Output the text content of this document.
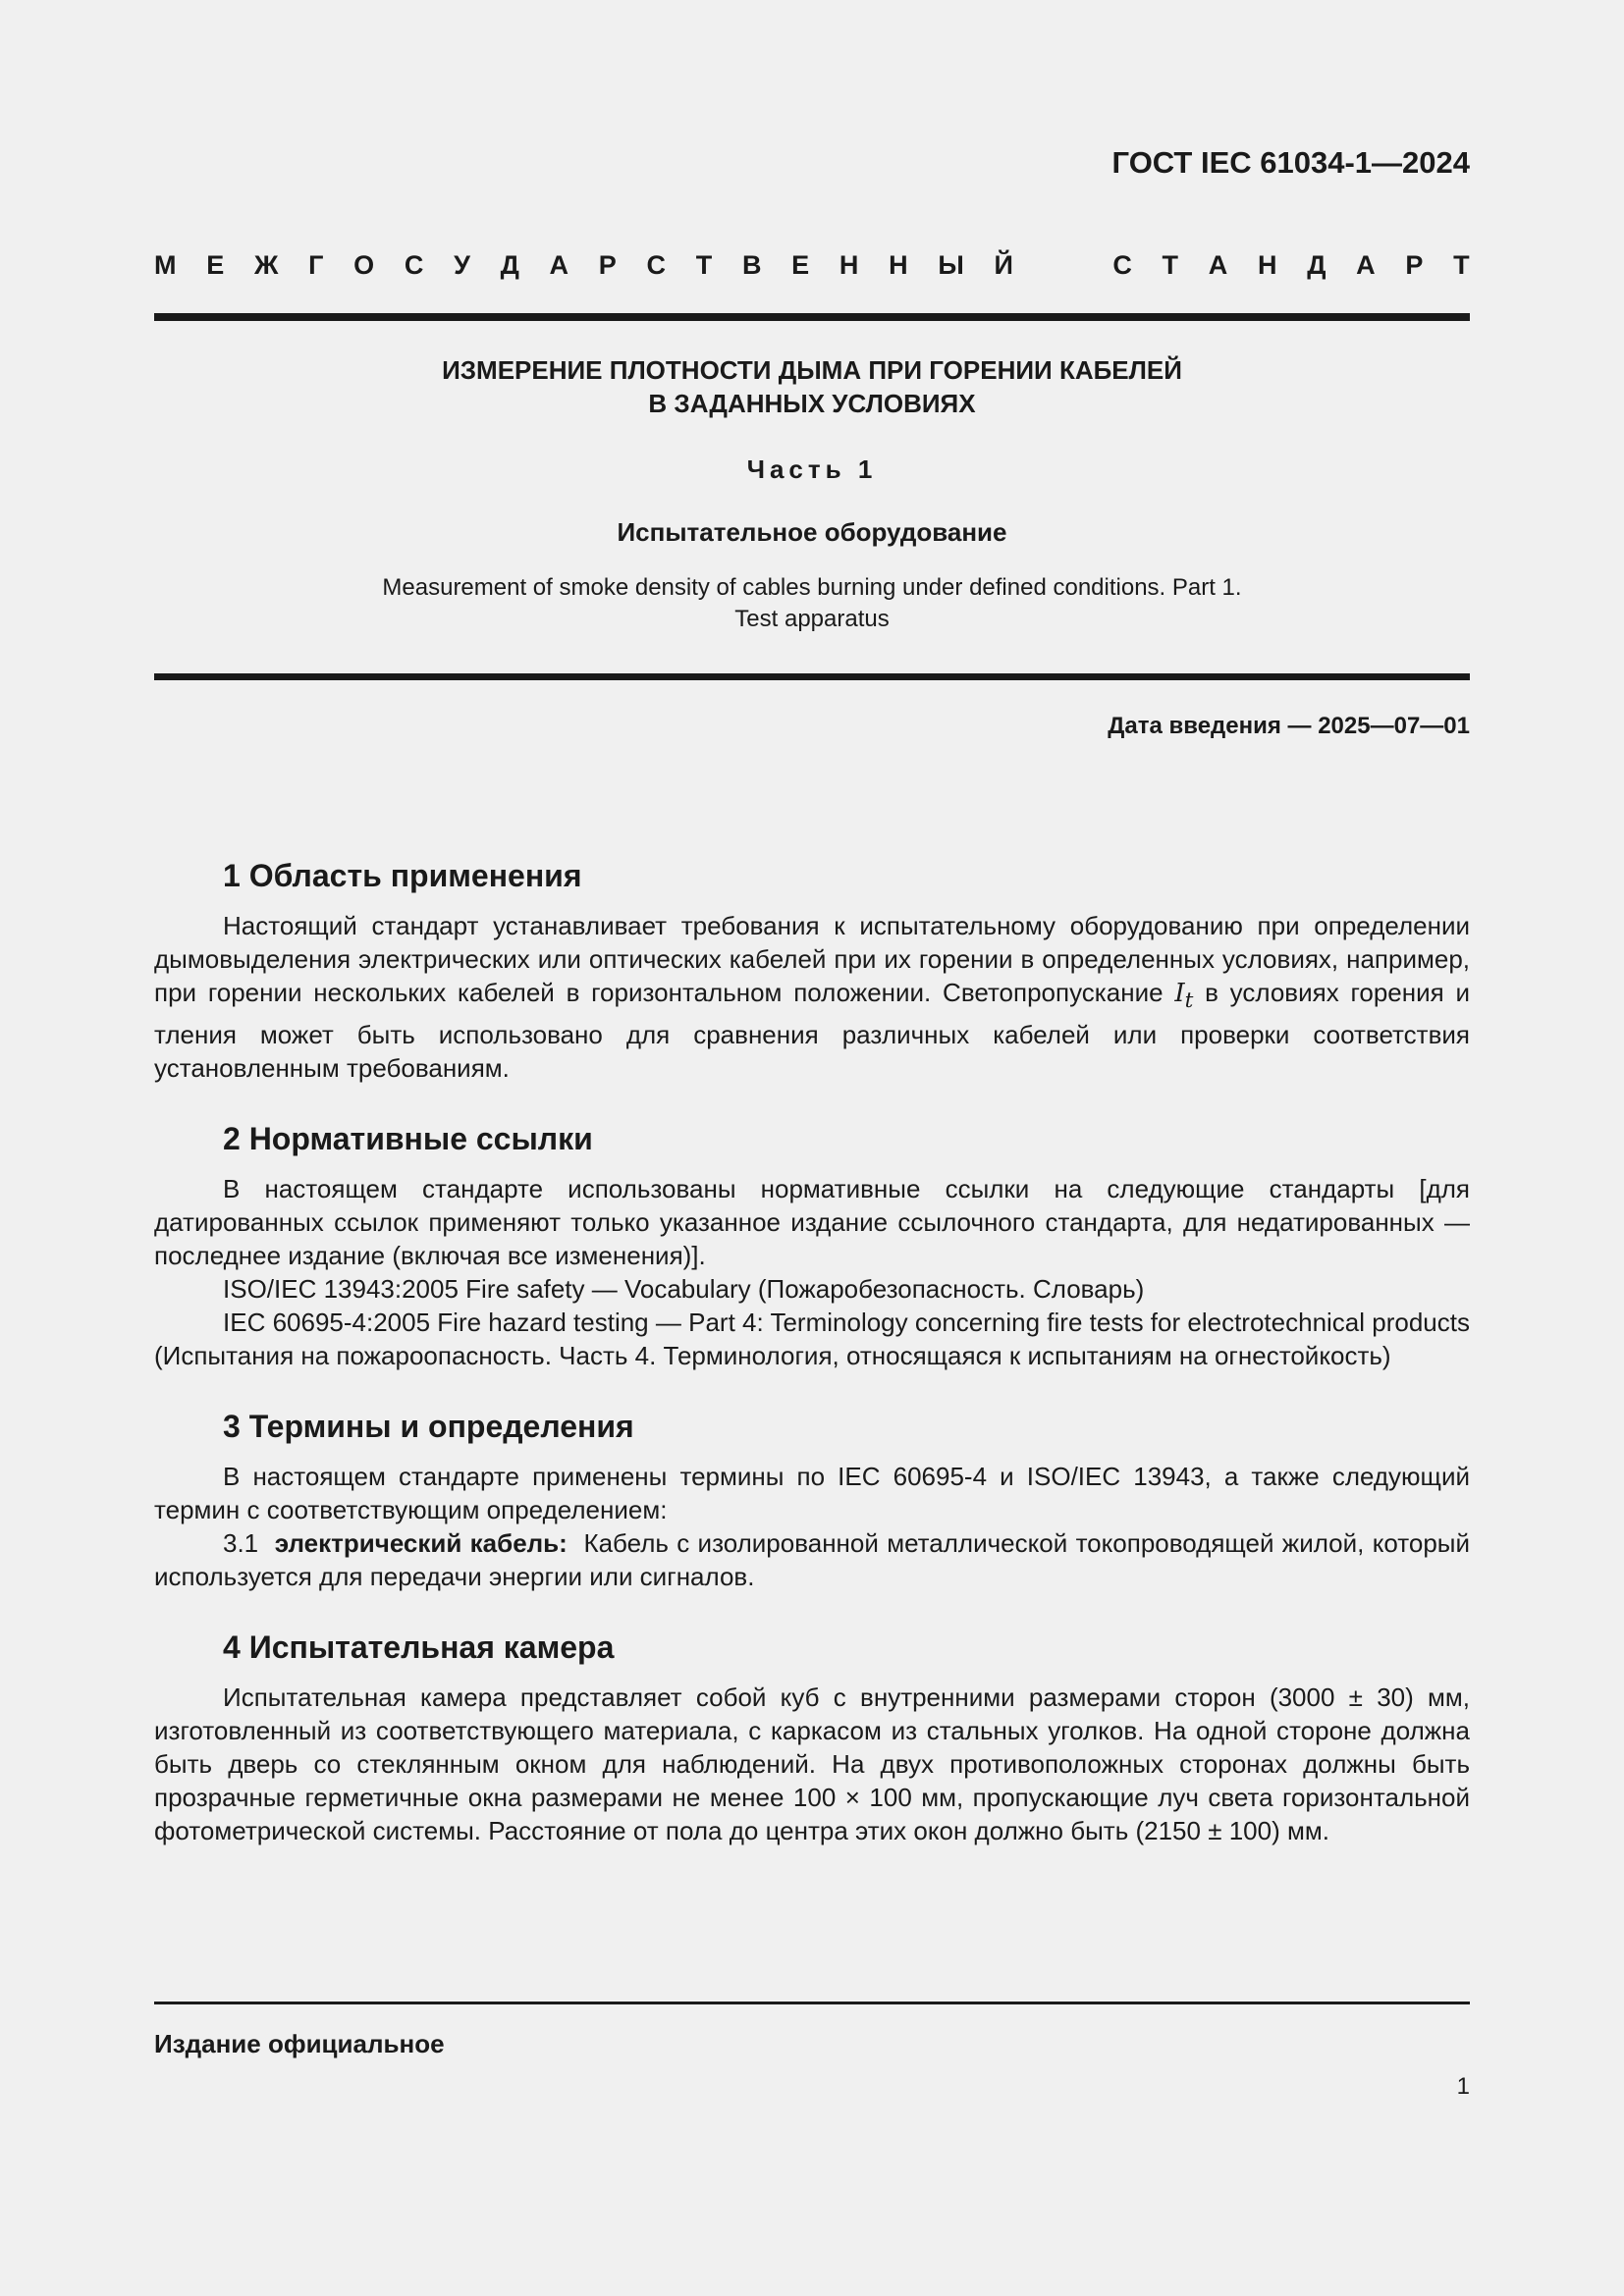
ГОСТ IEC 61034-1—2024
М Е Ж Г О С У Д А Р С Т В Е Н Н Ы Й	С Т А Н Д А Р Т
ИЗМЕРЕНИЕ ПЛОТНОСТИ ДЫМА ПРИ ГОРЕНИИ КАБЕЛЕЙ
В ЗАДАННЫХ УСЛОВИЯХ
Часть 1
Испытательное оборудование
Measurement of smoke density of cables burning under defined conditions. Part 1.
Test apparatus
Дата введения — 2025—07—01
1 Область применения

Настоящий стандарт устанавливает требования к испытательному оборудованию при определении дымовыделения электрических или оптических кабелей при их горении в определенных условиях, например, при горении нескольких кабелей в горизонтальном положении. Светопропускание $I_t$ в условиях горения и тления может быть использовано для сравнения различных кабелей или проверки соответствия установленным требованиям.

2 Нормативные ссылки

В настоящем стандарте использованы нормативные ссылки на следующие стандарты [для датированных ссылок применяют только указанное издание ссылочного стандарта, для недатированных — последнее издание (включая все изменения)].

ISO/IEC 13943:2005 Fire safety — Vocabulary (Пожаробезопасность. Словарь)

IEC 60695-4:2005 Fire hazard testing — Part 4: Terminology concerning fire tests for electrotechnical products (Испытания на пожароопасность. Часть 4. Терминология, относящаяся к испытаниям на огнестойкость)

3 Термины и определения

В настоящем стандарте применены термины по IEC 60695-4 и ISO/IEC 13943, а также следующий термин с соответствующим определением:

3.1 электрический кабель: Кабель с изолированной металлической токопроводящей жилой, который используется для передачи энергии или сигналов.

4 Испытательная камера

Испытательная камера представляет собой куб с внутренними размерами сторон (3000 ± 30) мм, изготовленный из соответствующего материала, с каркасом из стальных уголков. На одной стороне должна быть дверь со стеклянным окном для наблюдений. На двух противоположных сторонах должны быть прозрачные герметичные окна размерами не менее 100 × 100 мм, пропускающие луч света горизонтальной фотометрической системы. Расстояние от пола до центра этих окон должно быть (2150 ± 100) мм.

Издание официальное
1
